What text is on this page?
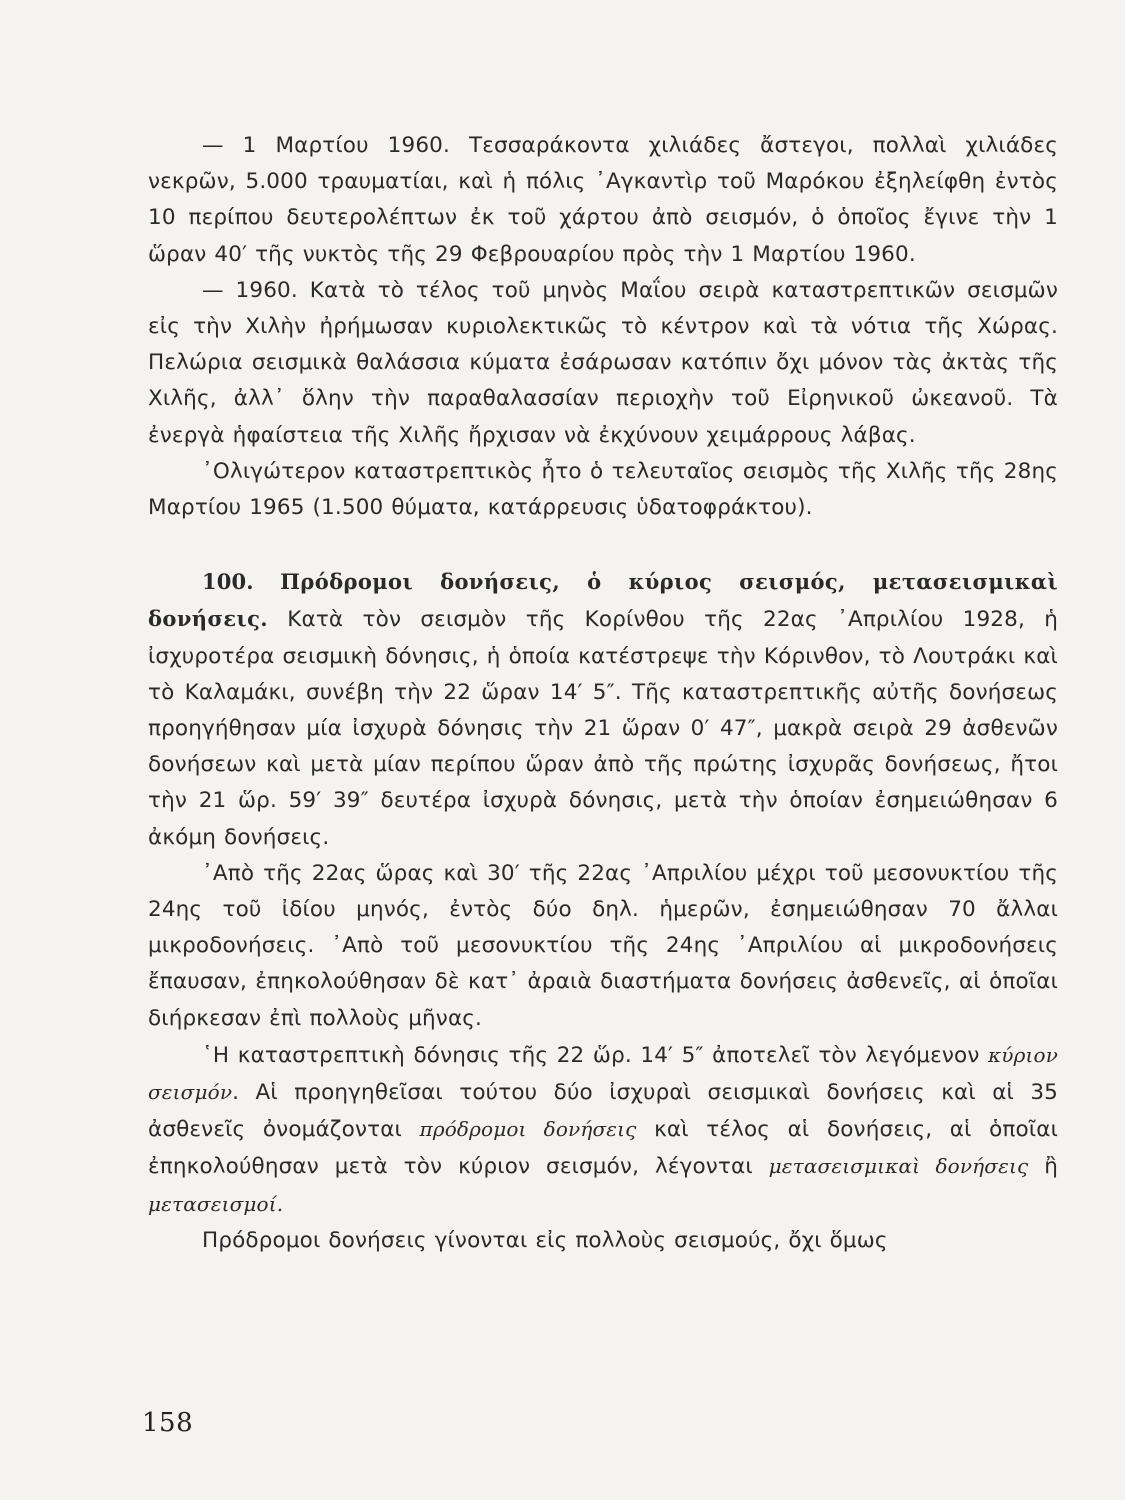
— 1 Μαρτίου 1960. Τεσσαράκοντα χιλιάδες ἄστεγοι, πολλαὶ χιλιάδες νεκρῶν, 5.000 τραυματίαι, καὶ ἡ πόλις ᾿Αγκαντὶρ τοῦ Μαρόκου ἐξηλείφθη ἐντὸς 10 περίπου δευτερολέπτων ἐκ τοῦ χάρτου ἀπὸ σεισμόν, ὁ ὁποῖος ἔγινε τὴν 1 ὥραν 40′ τῆς νυκτὸς τῆς 29 Φεβρουαρίου πρὸς τὴν 1 Μαρτίου 1960.

— 1960. Κατὰ τὸ τέλος τοῦ μηνὸς Μαΐου σειρὰ καταστρεπτικῶν σεισμῶν εἰς τὴν Χιλὴν ἠρήμωσαν κυριολεκτικῶς τὸ κέντρον καὶ τὰ νότια τῆς Χώρας. Πελώρια σεισμικὰ θαλάσσια κύματα ἐσάρωσαν κατόπιν ὄχι μόνον τὰς ἀκτὰς τῆς Χιλῆς, ἀλλ᾿ ὅλην τὴν παραθαλασσίαν περιοχὴν τοῦ Εἰρηνικοῦ ὠκεανοῦ. Τὰ ἐνεργὰ ἡφαίστεια τῆς Χιλῆς ἤρχισαν νὰ ἐκχύνουν χειμάρρους λάβας.

᾿Ολιγώτερον καταστρεπτικὸς ἦτο ὁ τελευταῖος σεισμὸς τῆς Χιλῆς τῆς 28ης Μαρτίου 1965 (1.500 θύματα, κατάρρευσις ὑδατοφράκτου).

100. Πρόδρομοι δονήσεις, ὁ κύριος σεισμός, μετασεισμικαὶ δονήσεις. Κατὰ τὸν σεισμὸν τῆς Κορίνθου τῆς 22ας ᾿Απριλίου 1928, ἡ ἰσχυροτέρα σεισμικὴ δόνησις, ἡ ὁποία κατέστρεψε τὴν Κόρινθον, τὸ Λουτράκι καὶ τὸ Καλαμάκι, συνέβη τὴν 22 ὥραν 14′ 5″. Τῆς καταστρεπτικῆς αὐτῆς δονήσεως προηγήθησαν μία ἰσχυρὰ δόνησις τὴν 21 ὥραν 0′ 47″, μακρὰ σειρὰ 29 ἀσθενῶν δονήσεων καὶ μετὰ μίαν περίπου ὥραν ἀπὸ τῆς πρώτης ἰσχυρᾶς δονήσεως, ἤτοι τὴν 21 ὥρ. 59′ 39″ δευτέρα ἰσχυρὰ δόνησις, μετὰ τὴν ὁποίαν ἐσημειώθησαν 6 ἀκόμη δονήσεις.

᾿Απὸ τῆς 22ας ὥρας καὶ 30′ τῆς 22ας ᾿Απριλίου μέχρι τοῦ μεσονυκτίου τῆς 24ης τοῦ ἰδίου μηνός, ἐντὸς δύο δηλ. ἡμερῶν, ἐσημειώθησαν 70 ἄλλαι μικροδονήσεις. ᾿Απὸ τοῦ μεσονυκτίου τῆς 24ης ᾿Απριλίου αἱ μικροδονήσεις ἔπαυσαν, ἐπηκολούθησαν δὲ κατ᾿ ἀραιὰ διαστήματα δονήσεις ἀσθενεῖς, αἱ ὁποῖαι διήρκεσαν ἐπὶ πολλοὺς μῆνας.

῾Η καταστρεπτικὴ δόνησις τῆς 22 ὥρ. 14′ 5″ ἀποτελεῖ τὸν λεγόμενον κύριον σεισμόν. Αἱ προηγηθεῖσαι τούτου δύο ἰσχυραὶ σεισμικαὶ δονήσεις καὶ αἱ 35 ἀσθενεῖς ὀνομάζονται πρόδρομοι δονήσεις καὶ τέλος αἱ δονήσεις, αἱ ὁποῖαι ἐπηκολούθησαν μετὰ τὸν κύριον σεισμόν, λέγονται μετασεισμικαὶ δονήσεις ἢ μετασεισμοί.

Πρόδρομοι δονήσεις γίνονται εἰς πολλοὺς σεισμούς, ὄχι ὅμως

158
